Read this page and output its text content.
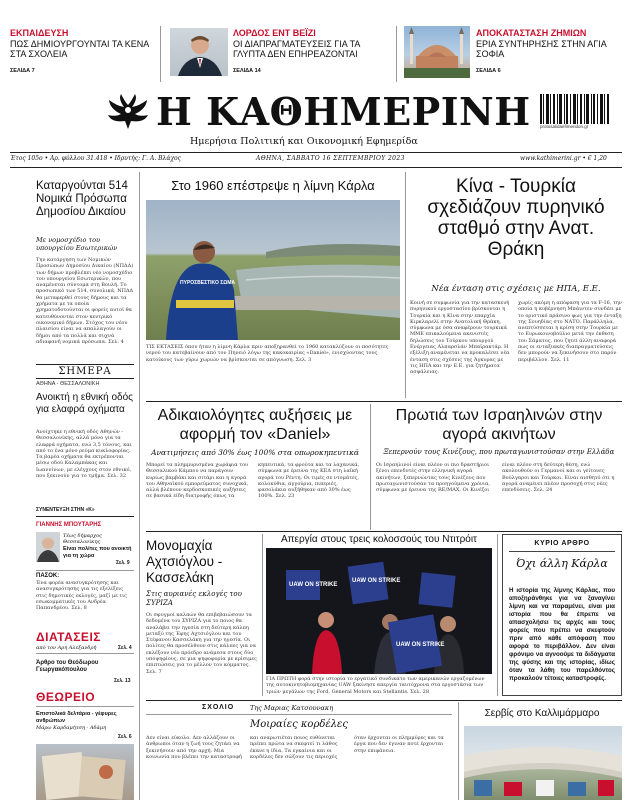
ΕΚΠΑΙΔΕΥΣΗ
ΠΩΣ ΔΗΜΙΟΥΡΓΟΥΝΤΑΙ ΤΑ ΚΕΝΑ ΣΤΑ ΣΧΟΛΕΙΑ
ΣΕΛΙΔΑ 7
ΛΟΡΔΟΣ ΕΝΤ ΒΕΪΖΙ
ΟΙ ΔΙΑΠΡΑΓΜΑΤΕΥΣΕΙΣ ΓΙΑ ΤΑ ΓΛΥΠΤΑ ΔΕΝ ΕΠΗΡΕΑΖΟΝΤΑΙ
ΣΕΛΙΔΑ 14
ΑΠΟΚΑΤΑΣΤΑΣΗ ΖΗΜΙΩΝ
ΕΡΙΑ ΣΥΝΤΗΡΗΣΗΣ ΣΤΗΝ ΑΓΙΑ ΣΟΦΙΑ
ΣΕΛΙΔΑ 6
Η ΚΑΘΗΜΕΡΙΝΗ
Ημερήσια Πολιτική και Οικονομική Εφημερίδα
protosalidaefimeridon.gr
Έτος 105ο • Αρ. φύλλου 31.418 • Ιδρυτής: Γ. Α. Βλάχος	ΑΘΗΝΑ, ΣΑΒΒΑΤΟ 16 ΣΕΠΤΕΜΒΡΙΟΥ 2023	www.kathimerini.gr • € 1,20
Καταργούνται 514 Νομικά Πρόσωπα Δημοσίου Δικαίου
Με νομοσχέδιο του υπουργείου Εσωτερικών
Την κατάργηση των Νομικών Προσώπων Δημοσίου Δικαίου (ΝΠΔΔ) των δήμων προβλέπει νέο νομοσχέδιο του υπουργείου Εσωτερικών, που αναμένεται σύντομα στη Βουλή. Το προσωπικό των 514, συνολικά, ΝΠΔΔ θα μεταφερθεί στους δήμους και τα χρήματα με τα οποία χρηματοδοτούνται οι φορείς αυτοί θα κατευθύνονται στον κεντρικό οικονομικό δήμων. Στόχος του νέου πλαισίου είναι να απαλλαγούν οι δήμοι από τα πολλά και συχνά αδιαφανή νομικά πρόσωπα. Σελ. 4
ΣΗΜΕΡΑ
ΑΘΗΝΑ - ΘΕΣΣΑΛΟΝΙΚΗ
Ανοικτή η εθνική οδός για ελαφρά οχήματα
Ανοίχτηκε η εθνική οδός Αθηνών - Θεσσαλονίκης, αλλά μόνο για τα ελαφρά οχήματα, ενώ 3,5 τόνους, και από το ένα μόνο ρεύμα κυκλοφορίας. Τα βαρέα οχήματα θα εκτρέπονται μέσω οδού Καλαμπάκας και Ιωαννίνων, με ελέγχους στον εθνικό, που ξεκινούν για το τμήμα. Σελ. 32
ΣΥΝΕΝΤΕΥΞΗ ΣΤΗΝ «Κ»
ΓΙΑΝΝΗΣ ΜΠΟΥΤΑΡΗΣ
Τέως δήμαρχος Θεσσαλονίκης
Είναι πολίτες που ανοικτή για τη χώρα
Σελ. 9
ΠΑΣΟΚ:
Ένα φορέα ανασυγκρότησης και ανασυγκρότησης για τις εξελίξεις στις δημοτικές εκλογές, μαζί με τις εσωκομματικές του Ανδρέα Παπανδρέου. Σελ. 8
ΔΙΑΤΑΣΕΙΣ
από τον Αρη Αλεξανδρή	Σελ. 4
Άρθρο του Θεόδωρου Γεωργακόπουλου
Σελ. 13
ΘΕΩΡΕΙΟ
Επιστολικά δελτάρια - γέφυρες ανθρώπων
Μάρω Καρδαμήτση - Αδάμη
Σελ. 6
Στο 1960 επέστρεψε η λίμνη Κάρλα
ΠΥΡΟΣΒΕΣΤΙΚΟ ΣΩΜΑ
ΤΙΣ ΕΚΤΑΣΕΙΣ όπου ήταν η λίμνη Κάρλα πριν αποξηρανθεί το 1960 κατακλύζουν οι ποσότητες νερού του κατεβαίνουν από τον Πηνειό λόγω της κακοκαιρίας «Daniel», ενισχύοντας τους κατοίκους των γύρω χωριών να βρίσκονται σε απόγνωση. Σελ. 3
Κίνα - Τουρκία σχεδιάζουν πυρηνικό σταθμό στην Ανατ. Θράκη
Νέα ένταση στις σχέσεις με ΗΠΑ, Ε.Ε.
Κοινή σε συμφωνία για την κατασκευή πυρηνικού εργοστασίου βρίσκονται η Τουρκία και η Κίνα στην επαρχία Κιρκλαρελί στην Ανατολική Θράκη, σύμφωνα με όσα αναφέρουν τουρκικά ΜΜΕ επικαλούμενα ακενιστές δηλώσεις του Τούρκου υπουργού Ενέργειας Αλπαρσλάν Μπαϊρακτάρ. Η εξέλιξη αναμένεται να προκαλέσει νέα ένταση στις σχέσεις της Άγκυρας με τις ΗΠΑ και την Ε.Ε. για ζητήματα ασφάλειας.
χωρίς ακόμη η απόφαση για τα F-16, την οποία η κυβέρνηση Μπάιντεν συνδέει με το οριστικό πράσινο φως για την ένταξη της Σουηδίας στο ΝΑΤΟ. Παράλληλα, ανεπτύσσεται η κρίση στην Τουρκία με το Ευρωκοινοβούλιο μετά την έκθεση του Σάματος, που ζητεί άλλη αναφορά πως οι ενταξιακές διαπραγματεύσεις δεν μπορούν να ξεκινήσουν στο παρόν περιβάλλον. Σελ. 11
Αδικαιολόγητες αυξήσεις με αφορμή τον «Daniel»
Ανατιμήσεις από 30% έως 100% στα οπωροκηπευτικά
Μπορεί τα πλημμυρισμένα χωράφια του Θεσσαλικού Κάμπου να παράγουν κυρίως βαμβάκι και σιτάρι και η αγορά του Αθηναϊκού εμπορεύματος συνοχικά, αλλά βλέπουν κερδοσκοπικές αυξήσεις σε βασικά είδη διατροφής όπως τα κηπευτικά, τα φρούτα και τα λαχανικά, σύμφωνα με έρευνα της ΚΕΔ στη λαϊκή αγορά του Ρέντη. Οι τιμές σε ντομάτες, κολοκύθια, αγγούρια, πιπεριές, φασολάκια αυξήθηκαν από 30% έως 100%. Σελ. 23
Πρωτιά των Ισραηλινών στην αγορά ακινήτων
Ξεπερνούν τους Κινέζους, που πρωταγωνιστούσαν στην Ελλάδα
Οι Ισραηλινοί είναι πλέον οι πιο δραστήριοι ξένοι επενδυτές στην ελληνική αγορά ακινήτων, ξεπερνώντας τους Κινέζους που πρωταγωνιστούσαν τα προηγούμενα χρόνια, σύμφωνα με έρευνα της RE/MAX. Οι Κινέζοι είναι πλέον στη δεύτερη θέση, ενώ ακολουθούν οι Γερμανοί και οι γείτονες Βούλγαροι και Τούρκοι. Είναι αισθητό ότι η αγορά αναμένει πλέον προσοχή στις νέες επενδύσεις. Σελ. 24
Μονομαχία Αχτσιόγλου - Κασσελάκη
Στις αυριανές εκλογές του ΣΥΡΙΖΑ
Οι σφυγμοί καλπών θα επιβεβαιώσουν τα δεδομένα του ΣΥΡΙΖΑ για το ποιος θα αναλάβει την ηγεσία στη δεύτερη κάλπη μεταξύ της Έφης Αχτσιόγλου και του Στέφανου Κασσελάκη για την ηγεσία. Οι πολίτες θα προσέλθουν στις κάλπες για να εκλέξουν νέο πρόεδρο ανάμεσα στους δύο υποψηφίους, σε μια ψηφοφορία με κρίσιμες επιπτώσεις για το μέλλον του κόμματος. Σελ. 7
Απεργία στους τρεις κολοσσούς του Ντιτρόιτ
UAW ON STRIKE
UAW ON STRIKE
UAW ON STRIKE
ΓΙΑ ΠΡΩΤΗ φορά στην ιστορία το εργατικό συνδικάτο των αμερικανών εργαζομένων της αυτοκινητοβιομηχανίας UAW ξεκίνησε απεργία ταυτόχρονα στα εργοστάσια των τριών μεγάλων της Ford, General Motors και Stellantis. Σελ. 28
ΚΥΡΙΟ ΑΡΘΡΟ
Όχι άλλη Κάρλα
Η ιστορία της λίμνης Κάρλας, που αποξηράνθηκε για να ξαναγίνει λίμνη και να παραμένει, είναι μια ιστορία που θα έπρεπε να απασχολήσει τις αρχές και τους φορείς που πρέπει να σκεφτούν πριν από κάθε απόφαση που αφορά το περιβάλλον. Δεν είναι φρόνιμο να αγνοούμε τα διδάγματα της φύσης και της ιστορίας, ιδίως όταν τα λάθη του παρελθόντος προκαλούν τέτοιες καταστροφές.
ΣΧΟΛΙΟ Της Μαριας Κατσουνακη
Μοιραίες κορδέλες
Δεν είναι εύκολο. Δεν αλλάζουν οι άνθρωποι όταν η ζωή τους ζητάει να ξεκινήσουν από την αρχή. Μια κοινωνία που βλέπει την καταστροφή και αναρωτιέται ποιος ευθύνεται πρέπει πρώτα να σκεφτεί τι λάθος έκανε η ίδια. Τα εγκαίνια και οι κορδέλες δεν σώζουν τις περιοχές όταν έρχονται οι πλημμύρες και τα έργα που δεν έγιναν ποτέ έρχονται στην επιφάνεια.
Σερβίς στο Καλλιμάρμαρο
